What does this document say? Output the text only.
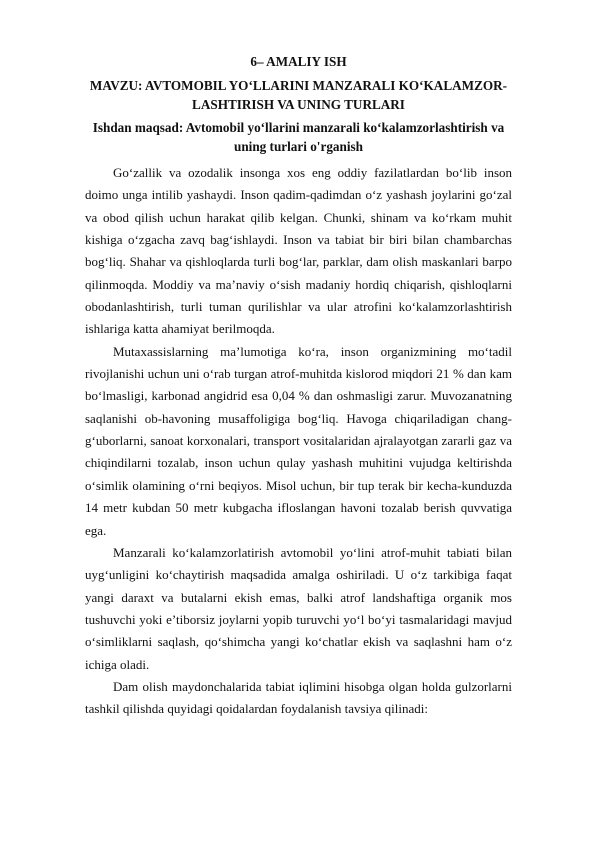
6– AMALIY ISH

MAVZU: AVTOMOBIL YO‘LLARINI MANZARALI KO‘KALAMZOR-

LASHTIRISH VA UNING TURLARI

Ishdan maqsad: Avtomobil yo‘llarini manzarali ko‘kalamzorlashtirish va

uning turlari o'rganish

Go‘zallik va ozodalik insonga xos eng oddiy fazilatlardan bo‘lib inson doimo unga intilib yashaydi. Inson qadim-qadimdan o‘z yashash joylarini go‘zal va obod qilish uchun harakat qilib kelgan. Chunki, shinam va ko‘rkam muhit kishiga o‘zgacha zavq bag‘ishlaydi. Inson va tabiat bir biri bilan chambarchas bog‘liq. Shahar va qishloqlarda turli bog‘lar, parklar, dam olish maskanlari barpo qilinmoqda. Moddiy va ma’naviy o‘sish madaniy hordiq chiqarish, qishloqlarni obodanlashtirish, turli tuman qurilishlar va ular atrofini ko‘kalamzorlashtirish ishlariga katta ahamiyat berilmoqda.

Mutaxassislarning ma’lumotiga ko‘ra, inson organizmining mo‘tadil rivojlanishi uchun uni o‘rab turgan atrof-muhitda kislorod miqdori 21 % dan kam bo‘lmasligi, karbonad angidrid esa 0,04 % dan oshmasligi zarur. Muvozanatning saqlanishi ob-havoning musaffoligiga bog‘liq. Havoga chiqariladigan chang-g‘uborlarni, sanoat korxonalari, transport vositalaridan ajralayotgan zararli gaz va chiqindilarni tozalab, inson uchun qulay yashash muhitini vujudga keltirishda o‘simlik olamining o‘rni beqiyos. Misol uchun, bir tup terak bir kecha-kunduzda 14 metr kubdan 50 metr kubgacha ifloslangan havoni tozalab berish quvvatiga ega.

Manzarali ko‘kalamzorlatirish avtomobil yo‘lini atrof-muhit tabiati bilan uyg‘unligini ko‘chaytirish maqsadida amalga oshiriladi. U o‘z tarkibiga faqat yangi daraxt va butalarni ekish emas, balki atrof landshaftiga organik mos tushuvchi yoki e’tiborsiz joylarni yopib turuvchi yo‘l bo‘yi tasmalaridagi mavjud o‘simliklarni saqlash, qo‘shimcha yangi ko‘chatlar ekish va saqlashni ham o‘z ichiga oladi.

Dam olish maydonchalarida tabiat iqlimini hisobga olgan holda gulzorlarni tashkil qilishda quyidagi qoidalardan foydalanish tavsiya qilinadi:
